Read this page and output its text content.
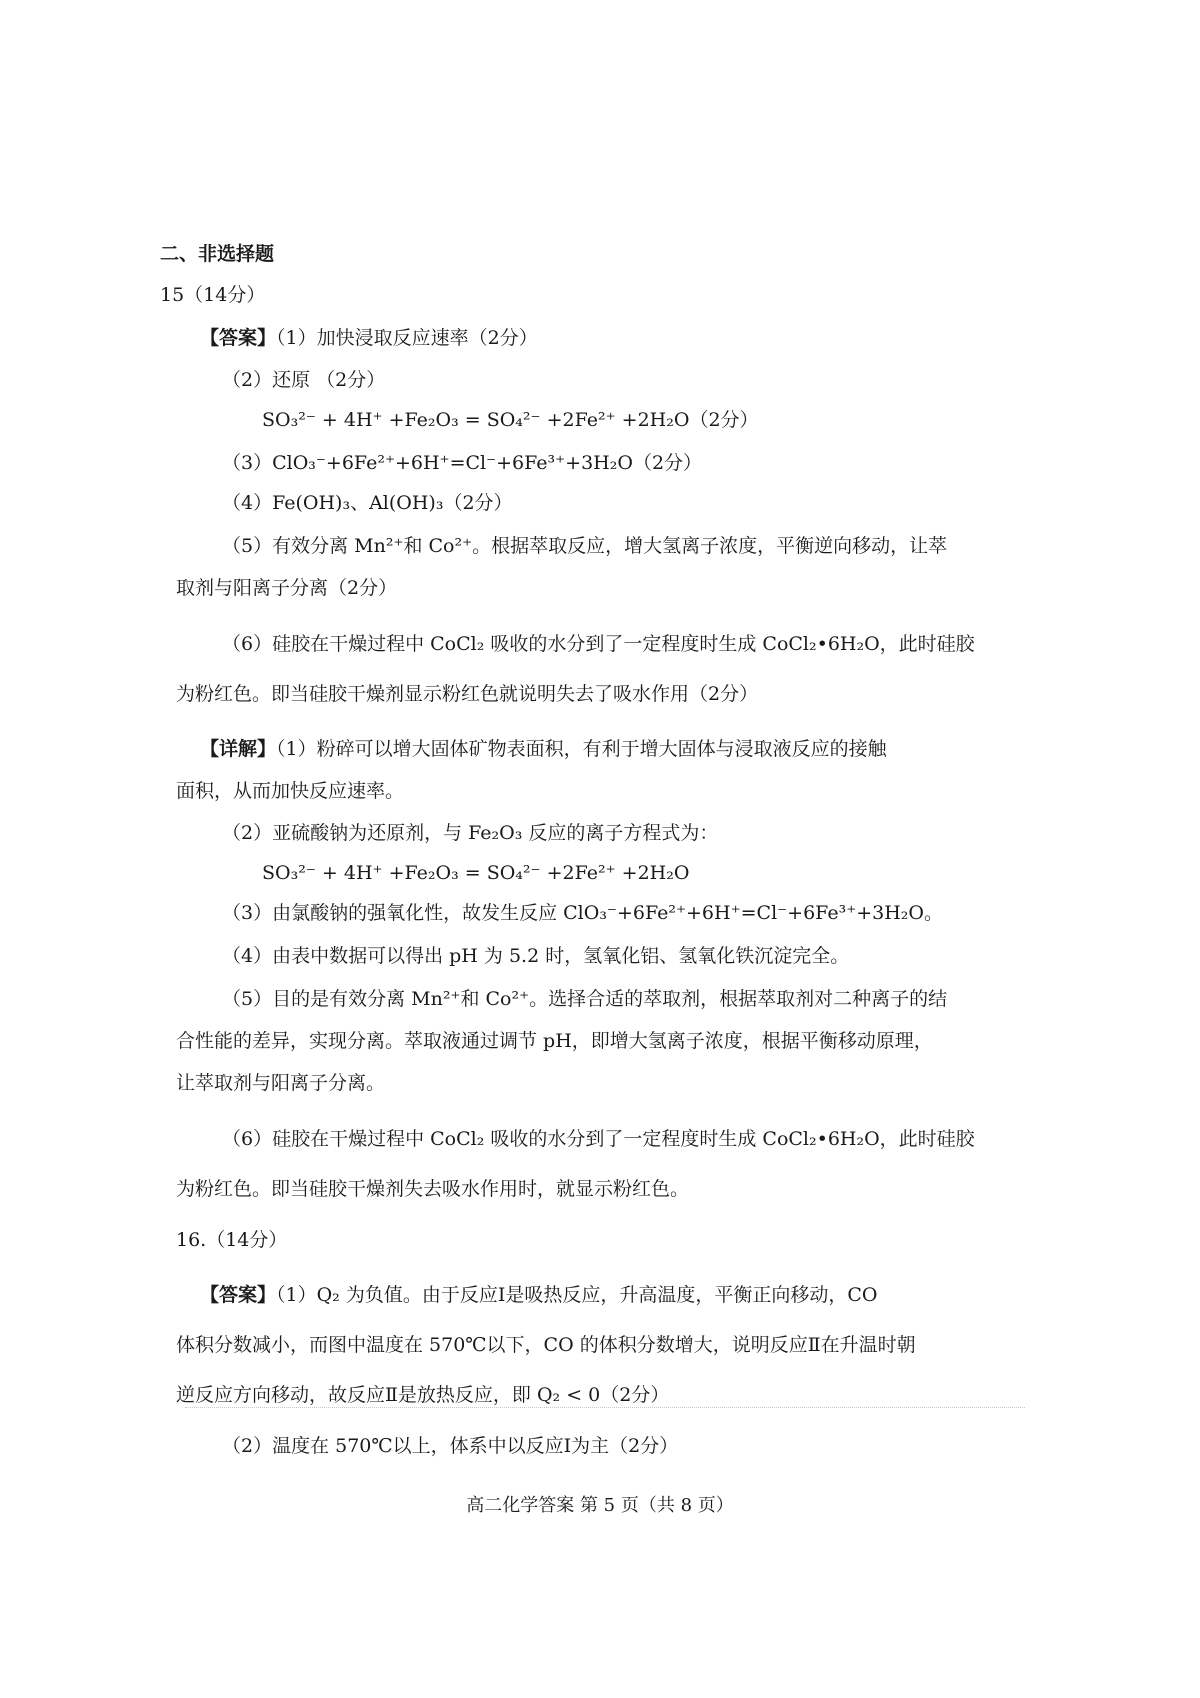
二、非选择题
15（14分）
【答案】（1）加快浸取反应速率（2分）
（2）还原 （2分）
SO₃²⁻ + 4H⁺ +Fe₂O₃ = SO₄²⁻ +2Fe²⁺ +2H₂O（2分）
（3）ClO₃⁻+6Fe²⁺+6H⁺=Cl⁻+6Fe³⁺+3H₂O（2分）
（4）Fe(OH)₃、Al(OH)₃（2分）
（5）有效分离 Mn²⁺和 Co²⁺。根据萃取反应，增大氢离子浓度，平衡逆向移动，让萃
取剂与阳离子分离（2分）
（6）硅胶在干燥过程中 CoCl₂ 吸收的水分到了一定程度时生成 CoCl₂•6H₂O，此时硅胶
为粉红色。即当硅胶干燥剂显示粉红色就说明失去了吸水作用（2分）
【详解】（1）粉碎可以增大固体矿物表面积，有利于增大固体与浸取液反应的接触
面积，从而加快反应速率。
（2）亚硫酸钠为还原剂，与 Fe₂O₃ 反应的离子方程式为：
SO₃²⁻ + 4H⁺ +Fe₂O₃ = SO₄²⁻ +2Fe²⁺ +2H₂O
（3）由氯酸钠的强氧化性，故发生反应 ClO₃⁻+6Fe²⁺+6H⁺=Cl⁻+6Fe³⁺+3H₂O。
（4）由表中数据可以得出 pH 为 5.2 时，氢氧化铝、氢氧化铁沉淀完全。
（5）目的是有效分离 Mn²⁺和 Co²⁺。选择合适的萃取剂，根据萃取剂对二种离子的结
合性能的差异，实现分离。萃取液通过调节 pH，即增大氢离子浓度，根据平衡移动原理，
让萃取剂与阳离子分离。
（6）硅胶在干燥过程中 CoCl₂ 吸收的水分到了一定程度时生成 CoCl₂•6H₂O，此时硅胶
为粉红色。即当硅胶干燥剂失去吸水作用时，就显示粉红色。
16.（14分）
【答案】（1）Q₂ 为负值。由于反应Ⅰ是吸热反应，升高温度，平衡正向移动，CO
体积分数减小，而图中温度在 570℃以下，CO 的体积分数增大，说明反应Ⅱ在升温时朝
逆反应方向移动，故反应Ⅱ是放热反应，即 Q₂ < 0（2分）
（2）温度在 570℃以上，体系中以反应Ⅰ为主（2分）
高二化学答案 第 5 页（共 8 页）
